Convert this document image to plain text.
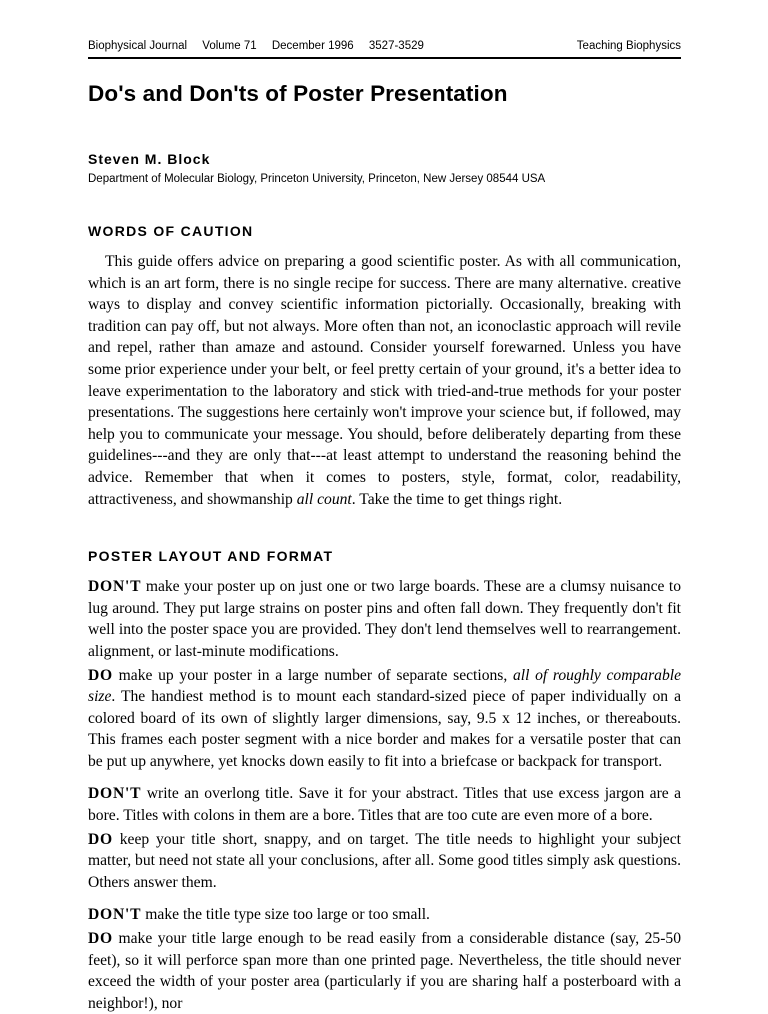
Biophysical Journal Volume 71 December 1996 3527-3529	Teaching Biophysics
Do's and Don'ts of Poster Presentation
Steven M. Block
Department of Molecular Biology, Princeton University, Princeton, New Jersey 08544 USA
WORDS OF CAUTION

This guide offers advice on preparing a good scientific poster. As with all communication, which is an art form, there is no single recipe for success. There are many alternative. creative ways to display and convey scientific information pictorially. Occasionally, breaking with tradition can pay off, but not always. More often than not, an iconoclastic approach will revile and repel, rather than amaze and astound. Consider yourself forewarned. Unless you have some prior experience under your belt, or feel pretty certain of your ground, it's a better idea to leave experimentation to the laboratory and stick with tried-and-true methods for your poster presentations. The suggestions here certainly won't improve your science but, if followed, may help you to communicate your message. You should, before deliberately departing from these guidelines---and they are only that---at least attempt to understand the reasoning behind the advice. Remember that when it comes to posters, style, format, color, readability, attractiveness, and showmanship all count. Take the time to get things right.

POSTER LAYOUT AND FORMAT

DON'T make your poster up on just one or two large boards. These are a clumsy nuisance to lug around. They put large strains on poster pins and often fall down. They frequently don't fit well into the poster space you are provided. They don't lend themselves well to rearrangement. alignment, or last-minute modifications.

DO make up your poster in a large number of separate sections, all of roughly comparable size. The handiest method is to mount each standard-sized piece of paper individually on a colored board of its own of slightly larger dimensions, say, 9.5 x 12 inches, or thereabouts. This frames each poster segment with a nice border and makes for a versatile poster that can be put up anywhere, yet knocks down easily to fit into a briefcase or backpack for transport.

DON'T write an overlong title. Save it for your abstract. Titles that use excess jargon are a bore. Titles with colons in them are a bore. Titles that are too cute are even more of a bore.

DO keep your title short, snappy, and on target. The title needs to highlight your subject matter, but need not state all your conclusions, after all. Some good titles simply ask questions. Others answer them.

DON'T make the title type size too large or too small.

DO make your title large enough to be read easily from a considerable distance (say, 25-50 feet), so it will perforce span more than one printed page. Nevertheless, the title should never exceed the width of your poster area (particularly if you are sharing half a posterboard with a neighbor!), nor
